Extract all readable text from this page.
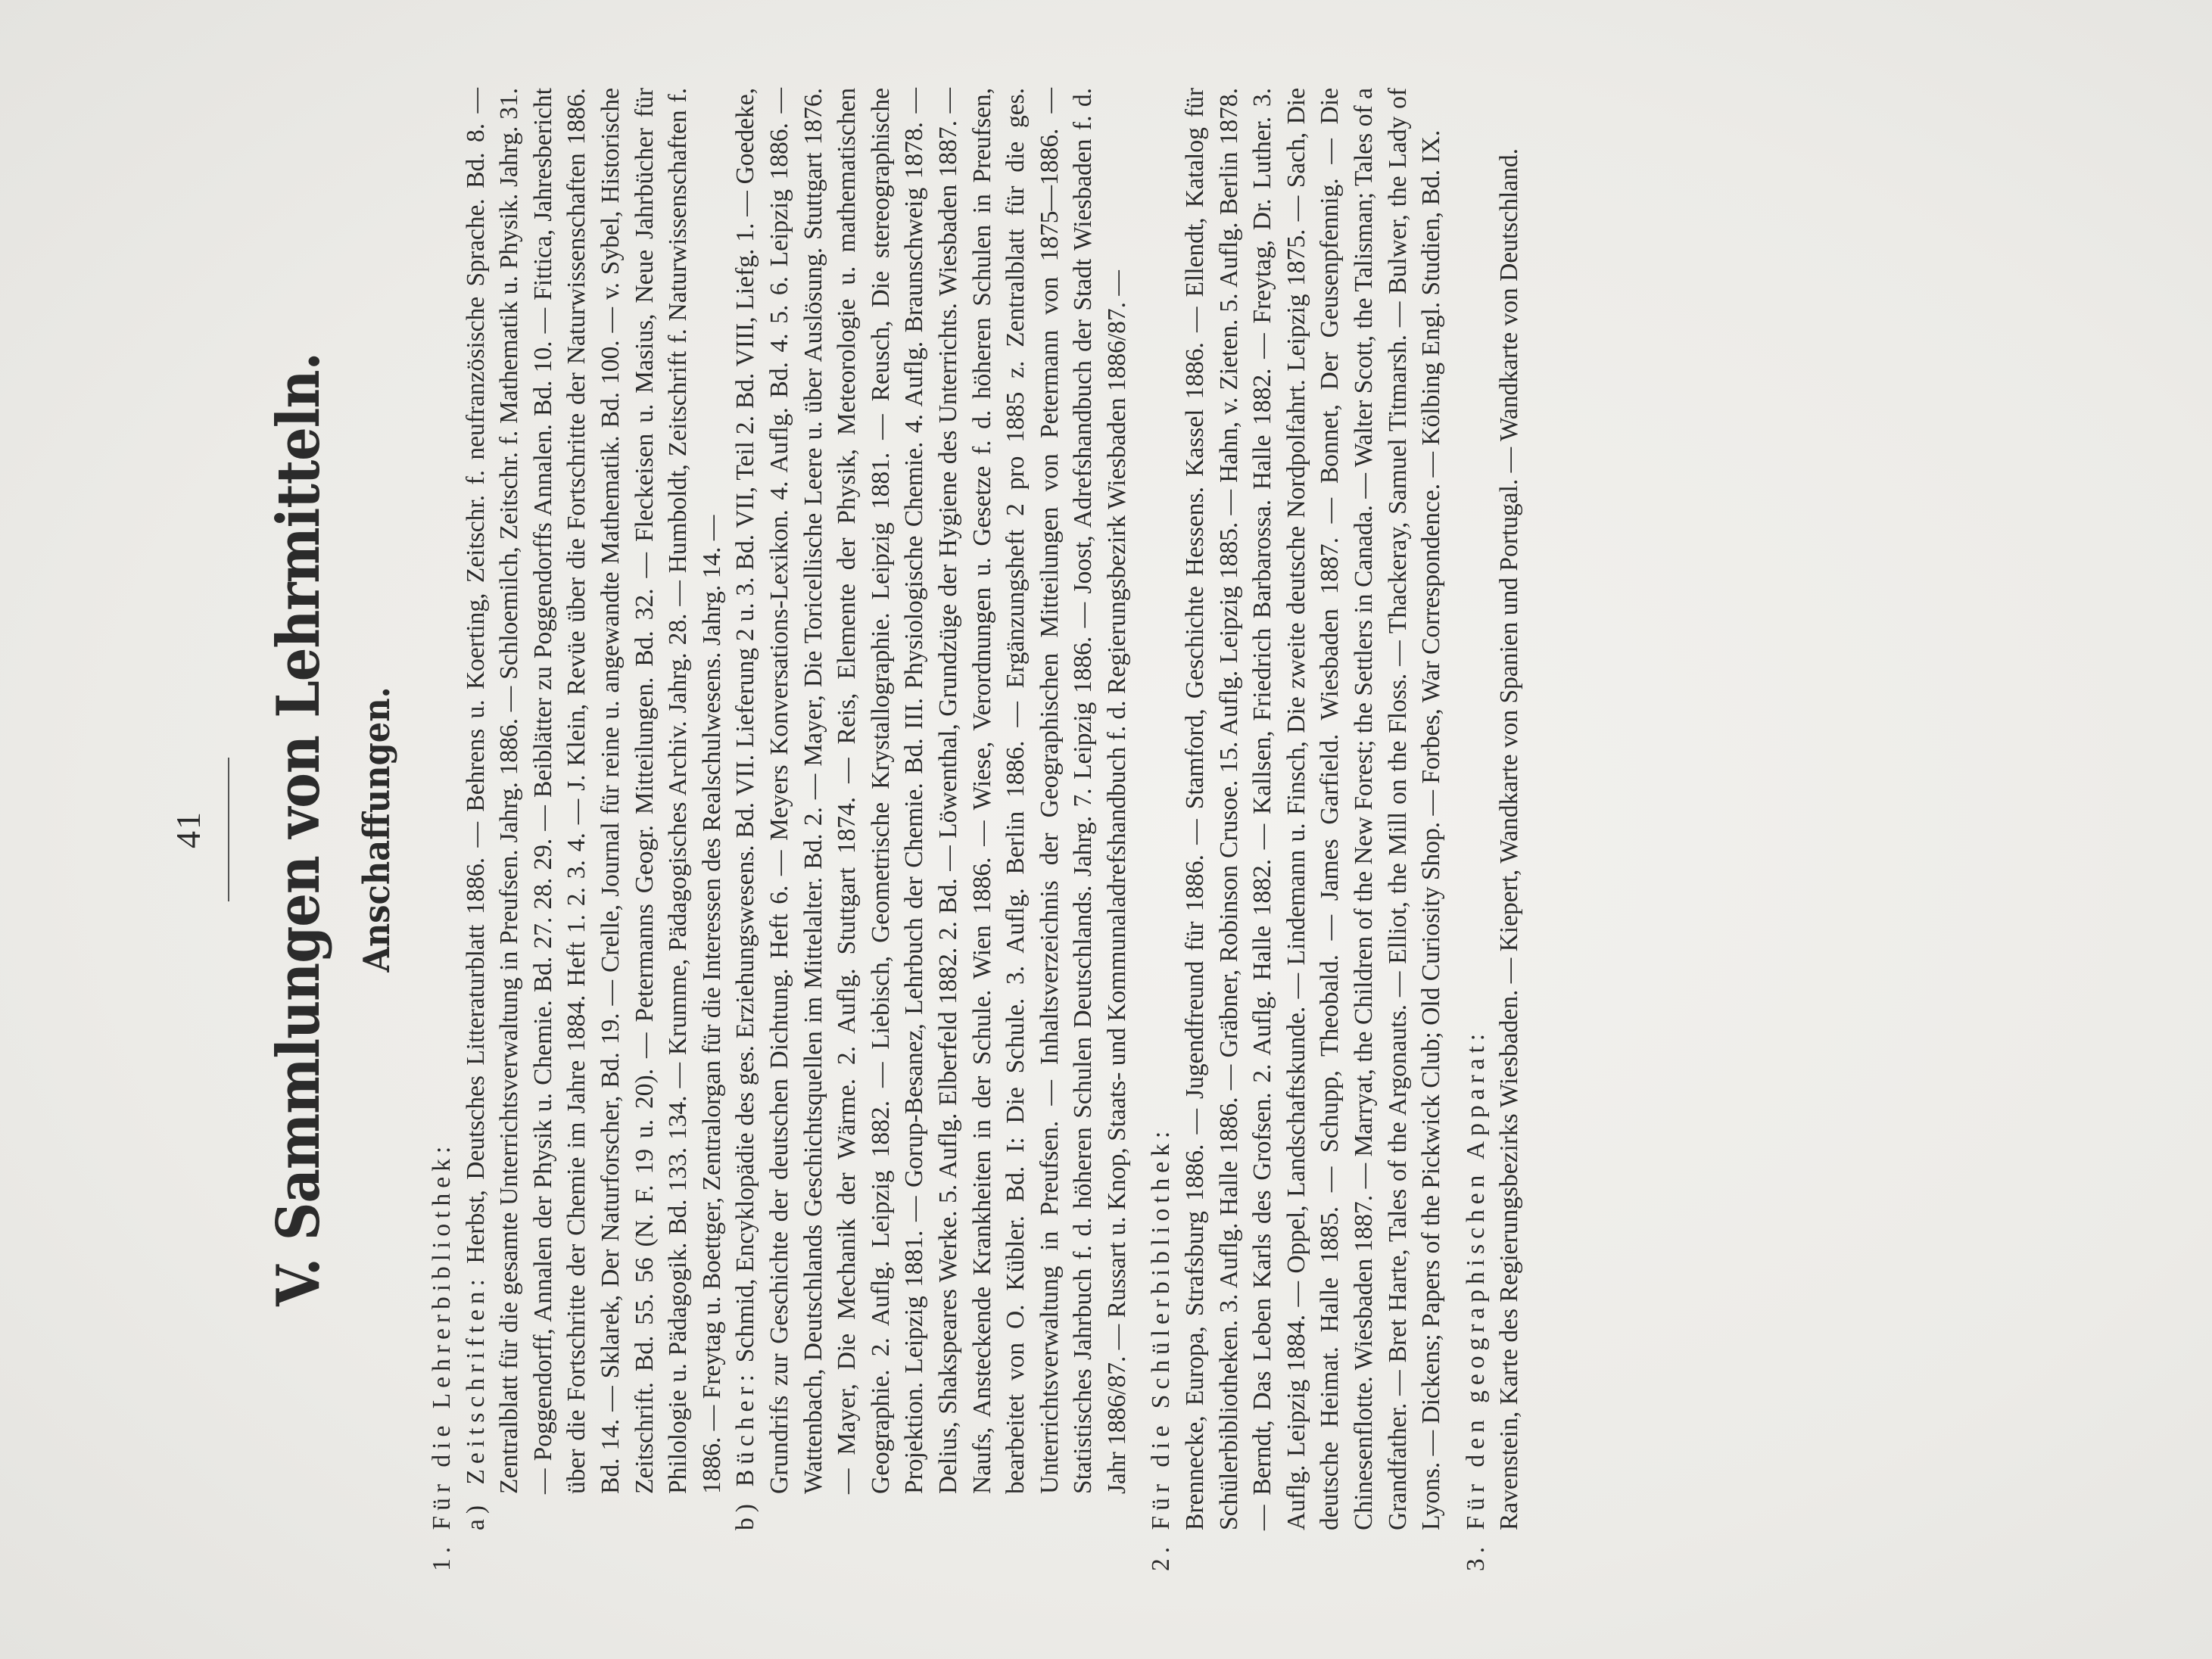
41 V. Sammlungen von Lehrmitteln. Anschaffungen.

1. Für die Lehrerbibliothek: a) Zeitschriften: Herbst, Deutsches Litteraturblatt 1886. — Behrens u. Koerting, Zeitschr. f. neufranzösische Sprache. Bd. 8. — Zentralblatt für die gesamte Unterrichtsverwaltung in Preufsen. Jahrg. 1886. — Schloemilch, Zeitschr. f. Mathematik u. Physik. Jahrg. 31. — Poggendorff, Annalen der Physik u. Chemie. Bd. 27. 28. 29. — Beiblätter zu Poggendorffs Annalen. Bd. 10. — Fittica, Jahresbericht über die Fortschritte der Chemie im Jahre 1884. Heft 1. 2. 3. 4. — J. Klein, Revüe über die Fortschritte der Naturwissenschaften 1886. Bd. 14. — Sklarek, Der Naturforscher, Bd. 19. — Crelle, Journal für reine u. angewandte Mathematik. Bd. 100. — v. Sybel, Historische Zeitschrift. Bd. 55. 56 (N. F. 19 u. 20). — Petermanns Geogr. Mitteilungen. Bd. 32. — Fleckeisen u. Masius, Neue Jahrbücher für Philologie u. Pädagogik. Bd. 133. 134. — Krumme, Pädagogisches Archiv. Jahrg. 28. — Humboldt, Zeitschrift f. Naturwissenschaften f. 1886. — Freytag u. Boettger, Zentralorgan für die Interessen des Realschulwesens. Jahrg. 14. — b) Bücher: Schmid, Encyklopädie des ges. Erziehungswesens. Bd. VII. Lieferung 2 u. 3. Bd. VII, Teil 2. Bd. VIII, Liefg. 1. — Goedeke, Grundrifs zur Geschichte der deutschen Dichtung. Heft 6. — Meyers Konversations-Lexikon. 4. Auflg. Bd. 4. 5. 6. Leipzig 1886. — Wattenbach, Deutschlands Geschichtsquellen im Mittelalter. Bd. 2. — Mayer, Die Toricellische Leere u. über Auslösung. Stuttgart 1876. — Mayer, Die Mechanik der Wärme. 2. Auflg. Stuttgart 1874. — Reis, Elemente der Physik, Meteorologie u. mathematischen Geographie. 2. Auflg. Leipzig 1882. — Liebisch, Geometrische Krystallographie. Leipzig 1881. — Reusch, Die stereographische Projektion. Leipzig 1881. — Gorup-Besanez, Lehrbuch der Chemie. Bd. III. Physiologische Chemie. 4. Auflg. Braunschweig 1878. — Delius, Shakspeares Werke. 5. Auflg. Elberfeld 1882. 2. Bd. — Löwenthal, Grundzüge der Hygiene des Unterrichts. Wiesbaden 1887. — Naufs, Ansteckende Krankheiten in der Schule. Wien 1886. — Wiese, Verordnungen u. Gesetze f. d. höheren Schulen in Preufsen, bearbeitet von O. Kübler. Bd. I: Die Schule. 3. Auflg. Berlin 1886. — Ergänzungsheft 2 pro 1885 z. Zentralblatt für die ges. Unterrichtsverwaltung in Preufsen. — Inhaltsverzeichnis der Geographischen Mitteilungen von Petermann von 1875—1886. — Statistisches Jahrbuch f. d. höheren Schulen Deutschlands. Jahrg. 7. Leipzig 1886. — Joost, Adrefshandbuch der Stadt Wiesbaden f. d. Jahr 1886/87. — Russart u. Knop, Staats- und Kommunaladrefshandbuch f. d. Regierungsbezirk Wiesbaden 1886/87. — 2. Für die Schülerbibliothek: Brennecke, Europa, Strafsburg 1886. — Jugendfreund für 1886. — Stamford, Geschichte Hessens. Kassel 1886. — Ellendt, Katalog für Schülerbibliotheken. 3. Auflg. Halle 1886. — Gräbner, Robinson Crusoe. 15. Auflg. Leipzig 1885. — Hahn, v. Zieten. 5. Auflg. Berlin 1878. — Berndt, Das Leben Karls des Grofsen. 2. Auflg. Halle 1882. — Kallsen, Friedrich Barbarossa. Halle 1882. — Freytag, Dr. Luther. 3. Auflg. Leipzig 1884. — Oppel, Landschaftskunde. — Lindemann u. Finsch, Die zweite deutsche Nordpolfahrt. Leipzig 1875. — Sach, Die deutsche Heimat. Halle 1885. — Schupp, Theobald. — James Garfield. Wiesbaden 1887. — Bonnet, Der Geusenpfennig. — Die Chinesenflotte. Wiesbaden 1887. — Marryat, the Children of the New Forest; the Settlers in Canada. — Walter Scott, the Talisman; Tales of a Grandfather. — Bret Harte, Tales of the Argonauts. — Elliot, the Mill on the Floss. — Thackeray, Samuel Titmarsh. — Bulwer, the Lady of Lyons. — Dickens; Papers of the Pickwick Club; Old Curiosity Shop. — Forbes, War Correspondence. — Kölbing Engl. Studien, Bd. IX. 3. Für den geographischen Apparat: Ravenstein, Karte des Regierungsbezirks Wiesbaden. — Kiepert, Wandkarte von Spanien und Portugal. — Wandkarte von Deutschland.
